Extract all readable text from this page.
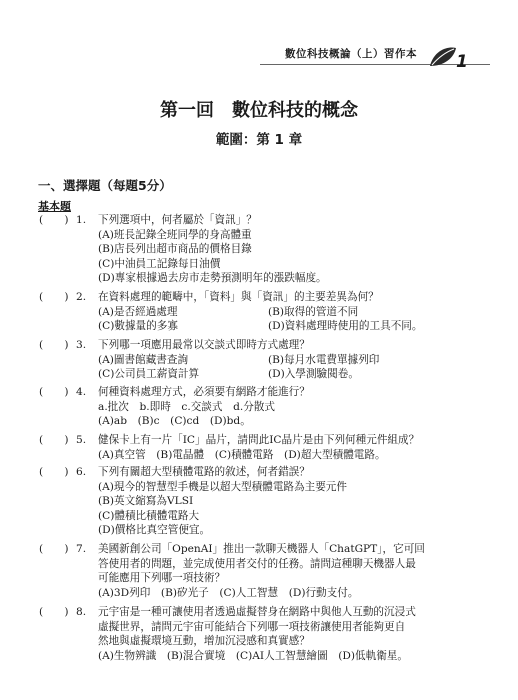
數位科技概論（上）習作本 1
第一回　數位科技的概念
範圍：第 1 章
一、選擇題（每題5分）
基本題
(　　) 1. 下列選項中，何者屬於「資訊」？
(A)班長記錄全班同學的身高體重
(B)店長列出超市商品的價格目錄
(C)中油員工記錄每日油價
(D)專家根據過去房市走勢預測明年的漲跌幅度。
(　　) 2. 在資料處理的範疇中，「資料」與「資訊」的主要差異為何？
(A)是否經過處理	(B)取得的管道不同
(C)數據量的多寡	(D)資料處理時使用的工具不同。
(　　) 3. 下列哪一項應用最常以交談式即時方式處理？
(A)圖書館藏書查詢	(B)每月水電費單據列印
(C)公司員工薪資計算	(D)入學測驗閱卷。
(　　) 4. 何種資料處理方式，必須要有網路才能進行？
a.批次　b.即時　c.交談式　d.分散式
(A)ab　(B)c　(C)cd　(D)bd。
(　　) 5. 健保卡上有一片「IC」晶片，請問此IC晶片是由下列何種元件組成？
(A)真空管　(B)電晶體　(C)積體電路　(D)超大型積體電路。
(　　) 6. 下列有關超大型積體電路的敘述，何者錯誤？
(A)現今的智慧型手機是以超大型積體電路為主要元件
(B)英文縮寫為VLSI
(C)體積比積體電路大
(D)價格比真空管便宜。
(　　) 7. 美國新創公司「OpenAI」推出一款聊天機器人「ChatGPT」，它可回
答使用者的問題，並完成使用者交付的任務。請問這種聊天機器人最
可能應用下列哪一項技術？
(A)3D列印　(B)矽光子　(C)人工智慧　(D)行動支付。
(　　) 8. 元宇宙是一種可讓使用者透過虛擬替身在網路中與他人互動的沉浸式
虛擬世界，請問元宇宙可能結合下列哪一項技術讓使用者能夠更自
然地與虛擬環境互動，增加沉浸感和真實感？
(A)生物辨識　(B)混合實境　(C)AI人工智慧繪圖　(D)低軌衛星。
